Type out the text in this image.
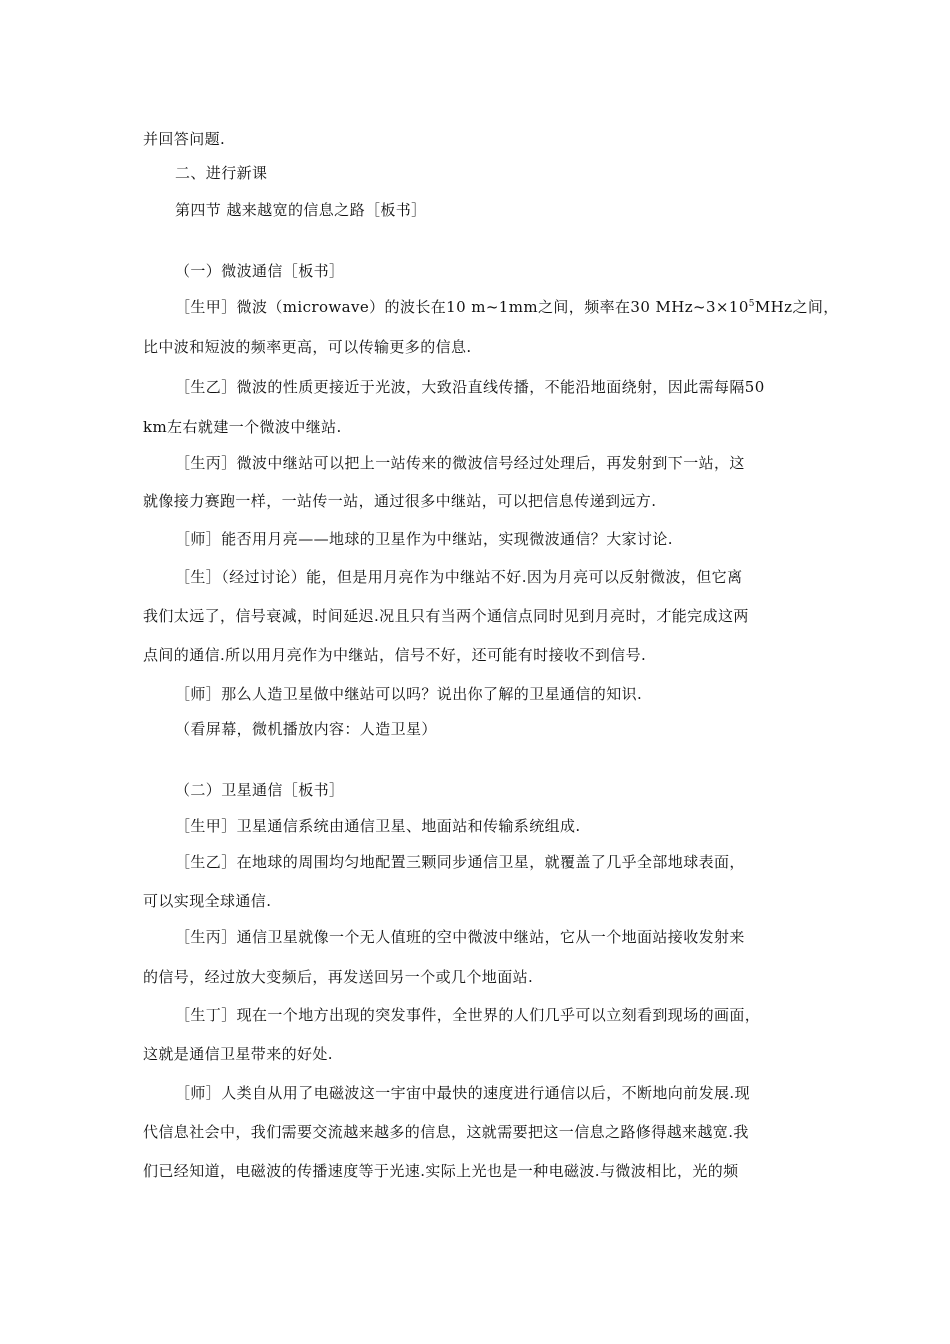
并回答问题.
二、进行新课
第四节 越来越宽的信息之路［板书］
（一）微波通信［板书］
［生甲］微波（microwave）的波长在10 m~1mm之间，频率在30 $MHz\sim 3\times 10^5MHz$之间，
比中波和短波的频率更高，可以传输更多的信息.
［生乙］微波的性质更接近于光波，大致沿直线传播，不能沿地面绕射，因此需每隔50
km左右就建一个微波中继站.
［生丙］微波中继站可以把上一站传来的微波信号经过处理后，再发射到下一站，这
就像接力赛跑一样，一站传一站，通过很多中继站，可以把信息传递到远方.
［师］能否用月亮——地球的卫星作为中继站，实现微波通信？大家讨论.
［生］（经过讨论）能，但是用月亮作为中继站不好.因为月亮可以反射微波，但它离
我们太远了，信号衰减，时间延迟.况且只有当两个通信点同时见到月亮时，才能完成这两
点间的通信.所以用月亮作为中继站，信号不好，还可能有时接收不到信号.
［师］那么人造卫星做中继站可以吗？说出你了解的卫星通信的知识.
（看屏幕，微机播放内容：人造卫星）
（二）卫星通信［板书］
［生甲］卫星通信系统由通信卫星、地面站和传输系统组成.
［生乙］在地球的周围均匀地配置三颗同步通信卫星，就覆盖了几乎全部地球表面，
可以实现全球通信.
［生丙］通信卫星就像一个无人值班的空中微波中继站，它从一个地面站接收发射来
的信号，经过放大变频后，再发送回另一个或几个地面站.
［生丁］现在一个地方出现的突发事件，全世界的人们几乎可以立刻看到现场的画面，
这就是通信卫星带来的好处.
［师］人类自从用了电磁波这一宇宙中最快的速度进行通信以后，不断地向前发展.现
代信息社会中，我们需要交流越来越多的信息，这就需要把这一信息之路修得越来越宽.我
们已经知道，电磁波的传播速度等于光速.实际上光也是一种电磁波.与微波相比，光的频
